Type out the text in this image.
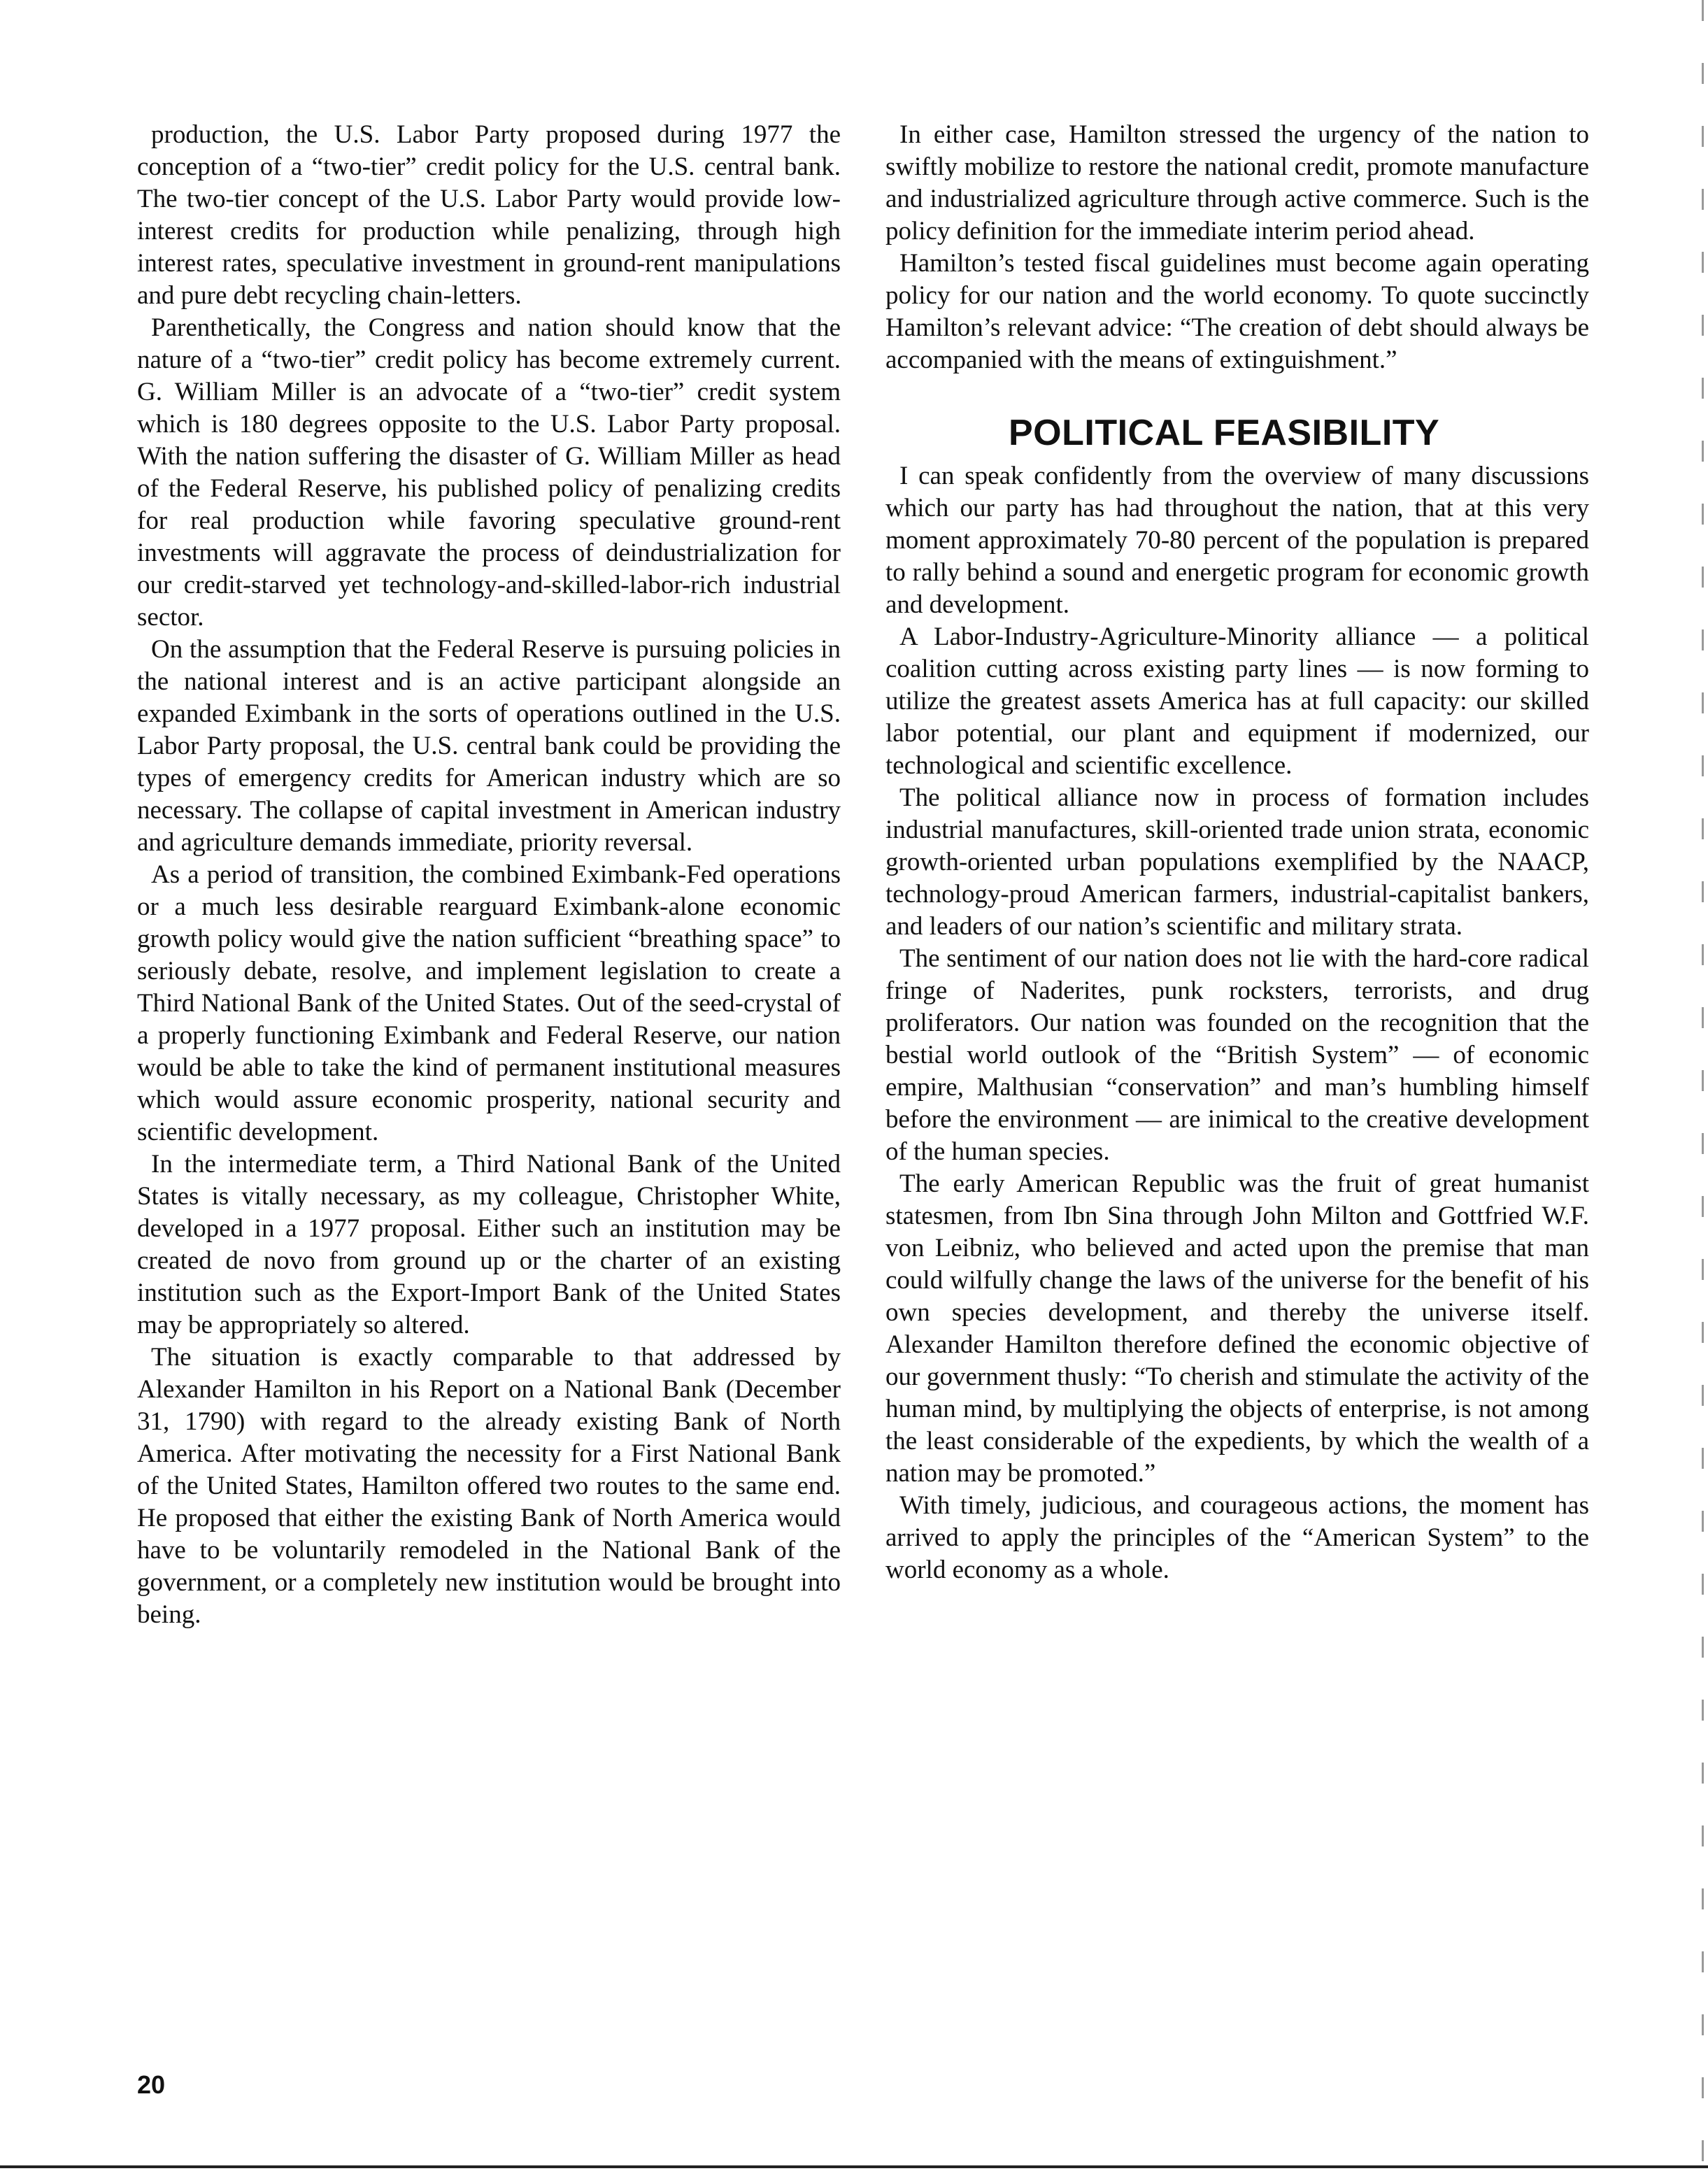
production, the U.S. Labor Party proposed during 1977 the conception of a “two-tier” credit policy for the U.S. central bank. The two-tier concept of the U.S. Labor Party would provide low-interest credits for production while penalizing, through high interest rates, speculative investment in ground-rent manipulations and pure debt recycling chain-letters.

Parenthetically, the Congress and nation should know that the nature of a “two-tier” credit policy has become extremely current. G. William Miller is an advocate of a “two-tier” credit system which is 180 degrees opposite to the U.S. Labor Party proposal. With the nation suffering the disaster of G. William Miller as head of the Federal Reserve, his published policy of penalizing credits for real production while favoring speculative ground-rent investments will aggravate the process of deindustrialization for our credit-starved yet technology-and-skilled-labor-rich industrial sector.

On the assumption that the Federal Reserve is pursuing policies in the national interest and is an active participant alongside an expanded Eximbank in the sorts of operations outlined in the U.S. Labor Party proposal, the U.S. central bank could be providing the types of emergency credits for American industry which are so necessary. The collapse of capital investment in American industry and agriculture demands immediate, priority reversal.

As a period of transition, the combined Eximbank-Fed operations or a much less desirable rearguard Eximbank-alone economic growth policy would give the nation sufficient “breathing space” to seriously debate, resolve, and implement legislation to create a Third National Bank of the United States. Out of the seed-crystal of a properly functioning Eximbank and Federal Reserve, our nation would be able to take the kind of permanent institutional measures which would assure economic prosperity, national security and scientific development.

In the intermediate term, a Third National Bank of the United States is vitally necessary, as my colleague, Christopher White, developed in a 1977 proposal. Either such an institution may be created de novo from ground up or the charter of an existing institution such as the Export-Import Bank of the United States may be appropriately so altered.

The situation is exactly comparable to that addressed by Alexander Hamilton in his Report on a National Bank (December 31, 1790) with regard to the already existing Bank of North America. After motivating the necessity for a First National Bank of the United States, Hamilton offered two routes to the same end. He proposed that either the existing Bank of North America would have to be voluntarily remodeled in the National Bank of the government, or a completely new institution would be brought into being.

In either case, Hamilton stressed the urgency of the nation to swiftly mobilize to restore the national credit, promote manufacture and industrialized agriculture through active commerce. Such is the policy definition for the immediate interim period ahead.

Hamilton’s tested fiscal guidelines must become again operating policy for our nation and the world economy. To quote succinctly Hamilton’s relevant advice: “The creation of debt should always be accompanied with the means of extinguishment.”

POLITICAL FEASIBILITY

I can speak confidently from the overview of many discussions which our party has had throughout the nation, that at this very moment approximately 70-80 percent of the population is prepared to rally behind a sound and energetic program for economic growth and development.

A Labor-Industry-Agriculture-Minority alliance — a political coalition cutting across existing party lines — is now forming to utilize the greatest assets America has at full capacity: our skilled labor potential, our plant and equipment if modernized, our technological and scientific excellence.

The political alliance now in process of formation includes industrial manufactures, skill-oriented trade union strata, economic growth-oriented urban populations exemplified by the NAACP, technology-proud American farmers, industrial-capitalist bankers, and leaders of our nation’s scientific and military strata.

The sentiment of our nation does not lie with the hard-core radical fringe of Naderites, punk rocksters, terrorists, and drug proliferators. Our nation was founded on the recognition that the bestial world outlook of the “British System” — of economic empire, Malthusian “conservation” and man’s humbling himself before the environment — are inimical to the creative development of the human species.

The early American Republic was the fruit of great humanist statesmen, from Ibn Sina through John Milton and Gottfried W.F. von Leibniz, who believed and acted upon the premise that man could wilfully change the laws of the universe for the benefit of his own species development, and thereby the universe itself. Alexander Hamilton therefore defined the economic objective of our government thusly: “To cherish and stimulate the activity of the human mind, by multiplying the objects of enterprise, is not among the least considerable of the expedients, by which the wealth of a nation may be promoted.”

With timely, judicious, and courageous actions, the moment has arrived to apply the principles of the “American System” to the world economy as a whole.

20
